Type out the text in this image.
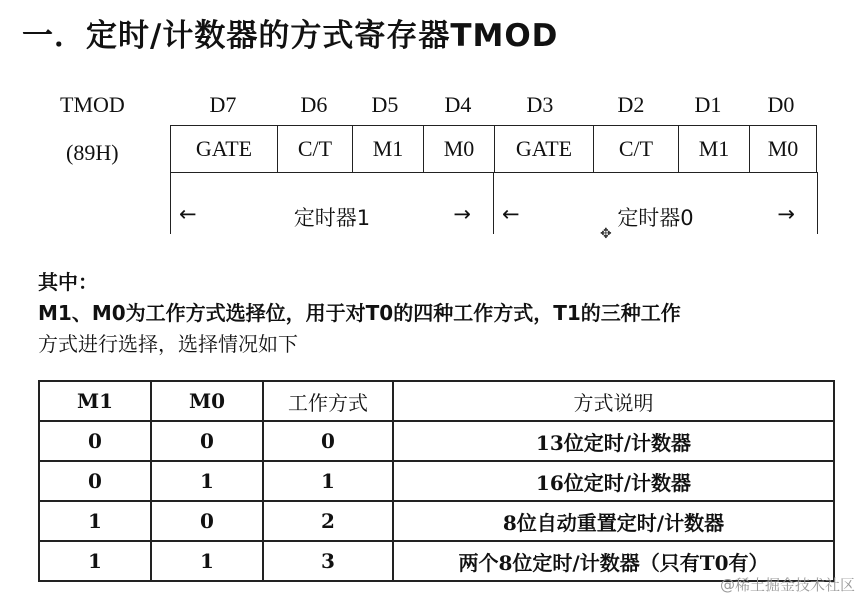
一．定时/计数器的方式寄存器TMOD
TMOD
(89H)
D7	D6	D5	D4	D3	D2	D1	D0
GATE	C/T	M1	M0	GATE	C/T	M1	M0
←	定时器1	→ ←	定时器0	→
✥
其中：
M1、M0为工作方式选择位，用于对T0的四种工作方式，T1的三种工作
方式进行选择，选择情况如下
M1	M0	工作方式	方式说明
0	0	0	13位定时/计数器
0	1	1	16位定时/计数器
1	0	2	8位自动重置定时/计数器
1	1	3	两个8位定时/计数器（只有T0有）
@稀土掘金技术社区
